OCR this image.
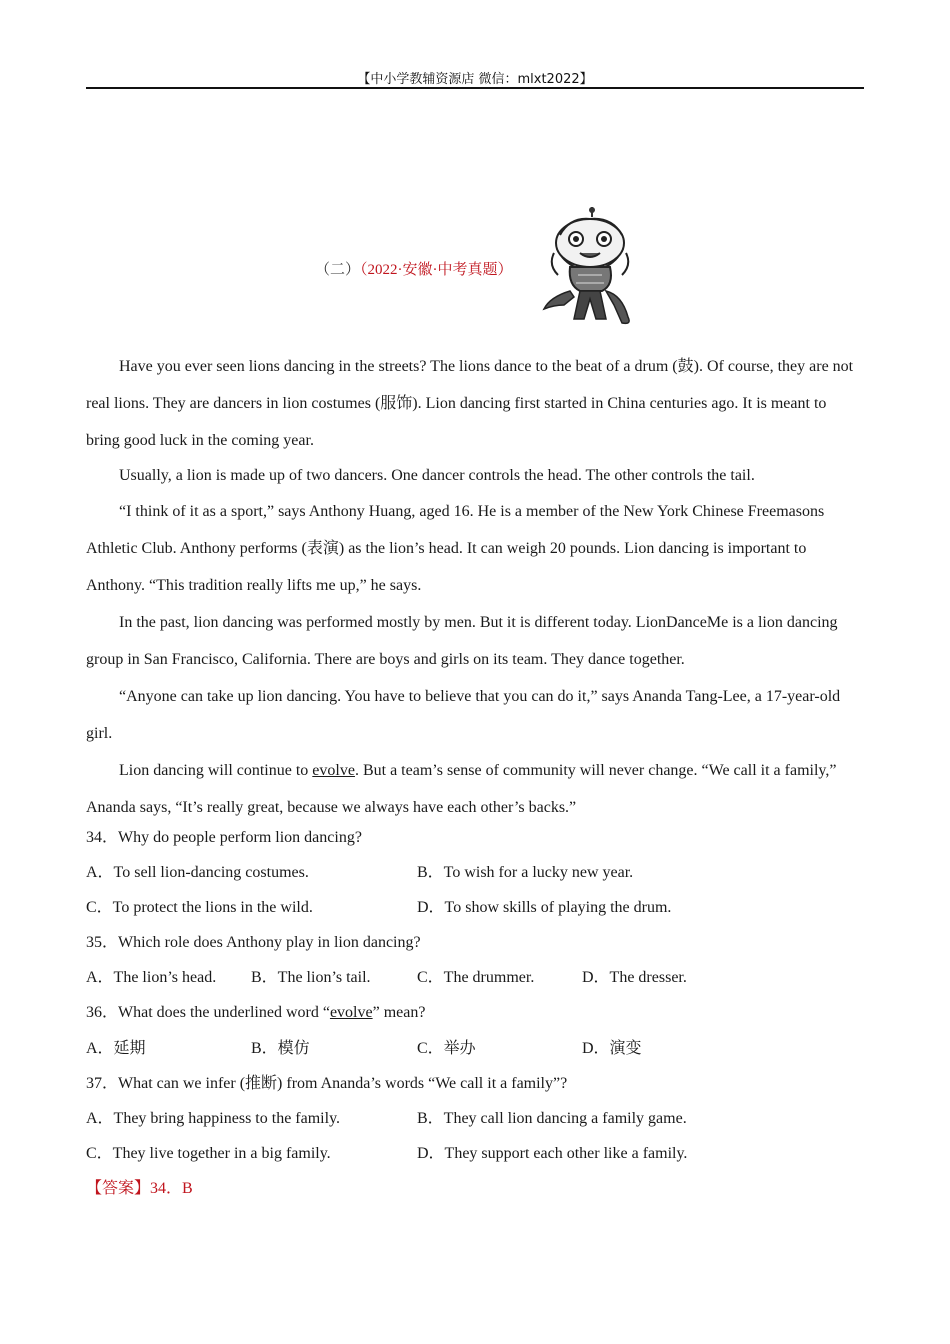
【中小学教辅资源店 微信：mlxt2022】
（二）（2022·安徽·中考真题）

Have you ever seen lions dancing in the streets? The lions dance to the beat of a drum (鼓). Of course, they are not real lions. They are dancers in lion costumes (服饰). Lion dancing first started in China centuries ago. It is meant to bring good luck in the coming year.

Usually, a lion is made up of two dancers. One dancer controls the head. The other controls the tail.

“I think of it as a sport,” says Anthony Huang, aged 16. He is a member of the New York Chinese Freemasons Athletic Club. Anthony performs (表演) as the lion’s head. It can weigh 20 pounds. Lion dancing is important to Anthony. “This tradition really lifts me up,” he says.

In the past, lion dancing was performed mostly by men. But it is different today. LionDanceMe is a lion dancing group in San Francisco, California. There are boys and girls on its team. They dance together.

“Anyone can take up lion dancing. You have to believe that you can do it,” says Ananda Tang-Lee, a 17-year-old girl.

Lion dancing will continue to evolve. But a team’s sense of community will never change. “We call it a family,” Ananda says, “It’s really great, because we always have each other’s backs.”

34．Why do people perform lion dancing?
A．To sell lion-dancing costumes.	B．To wish for a lucky new year.
C．To protect the lions in the wild.	D．To show skills of playing the drum.
35．Which role does Anthony play in lion dancing?
A．The lion’s head. B．The lion’s tail.	C．The drummer.	D．The dresser.
36．What does the underlined word “evolve” mean?
A．延期	B．模仿	C．举办	D．演变
37．What can we infer (推断) from Ananda’s words “We call it a family”?
A．They bring happiness to the family.	B．They call lion dancing a family game.
C．They live together in a big family.	D．They support each other like a family.
【答案】34．B
